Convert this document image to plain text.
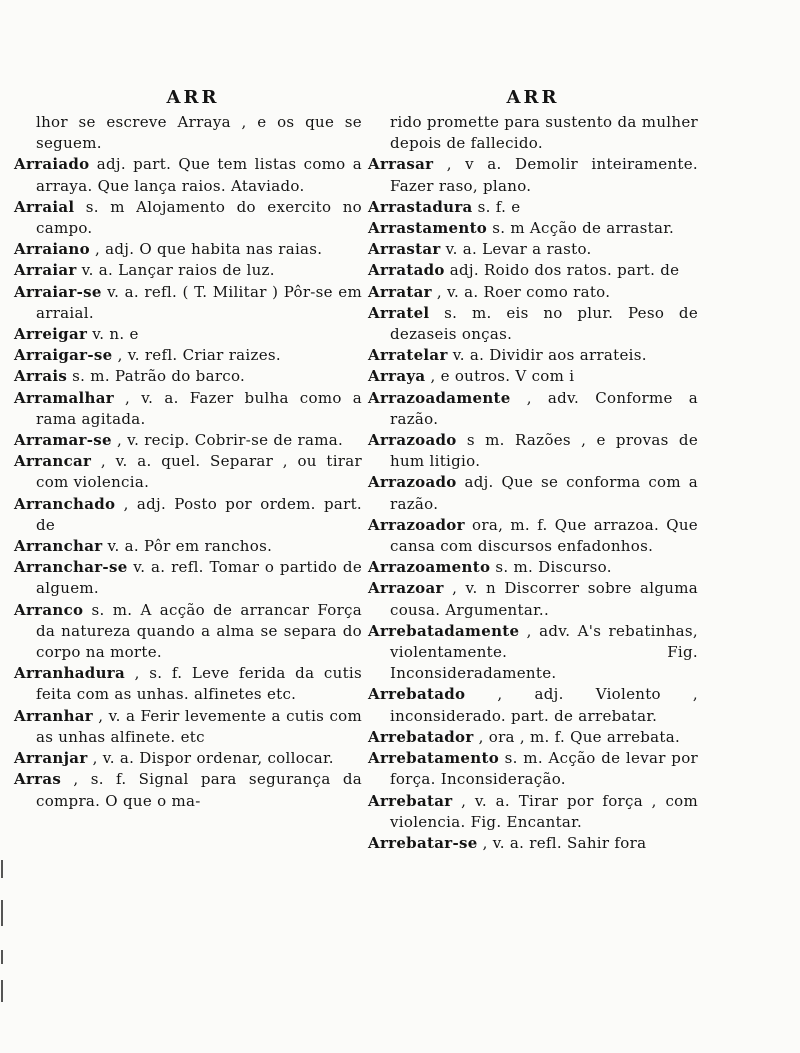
ARR

lhor se escreve Arraya , e os que se seguem.

Arraiado adj. part. Que tem listas como a arraya. Que lança raios. Ataviado.

Arraial s. m Alojamento do exercito no campo.

Arraiano , adj. O que habita nas raias.

Arraiar v. a. Lançar raios de luz.

Arraiar-se v. a. refl. ( T. Militar ) Pôr-se em arraial.

Arreigar v. n. e

Arraigar-se , v. refl. Criar raizes.

Arrais s. m. Patrão do barco.

Arramalhar , v. a. Fazer bulha como a rama agitada.

Arramar-se , v. recip. Cobrir-se de rama.

Arrancar , v. a. quel. Separar , ou tirar com violencia.

Arranchado , adj. Posto por ordem. part. de

Arranchar v. a. Pôr em ranchos.

Arranchar-se v. a. refl. Tomar o partido de alguem.

Arranco s. m. A acção de arrancar Força da natureza quando a alma se separa do corpo na morte.

Arranhadura , s. f. Leve ferida da cutis feita com as unhas. alfinetes etc.

Arranhar , v. a Ferir levemente a cutis com as unhas alfinete. etc

Arranjar , v. a. Dispor ordenar, collocar.

Arras , s. f. Signal para segurança da compra. O que o ma-

ARR

rido promette para sustento da mulher depois de fallecido.

Arrasar , v a. Demolir inteiramente. Fazer raso, plano.

Arrastadura s. f. e

Arrastamento s. m Acção de arrastar.

Arrastar v. a. Levar a rasto.

Arratado adj. Roido dos ratos. part. de

Arratar , v. a. Roer como rato.

Arratel s. m. eis no plur. Peso de dezaseis onças.

Arratelar v. a. Dividir aos arrateis.

Arraya , e outros. V com i

Arrazoadamente , adv. Conforme a razão.

Arrazoado s m. Razões , e provas de hum litigio.

Arrazoado adj. Que se conforma com a razão.

Arrazoador ora, m. f. Que arrazoa. Que cansa com discursos enfadonhos.

Arrazoamento s. m. Discurso.

Arrazoar , v. n Discorrer sobre alguma cousa. Argumentar..

Arrebatadamente , adv. A's rebatinhas, violentamente. Fig. Inconsideradamente.

Arrebatado , adj. Violento , inconsiderado. part. de arrebatar.

Arrebatador , ora , m. f. Que arrebata.

Arrebatamento s. m. Acção de levar por força. Inconsideração.

Arrebatar , v. a. Tirar por força , com violencia. Fig. Encantar.

Arrebatar-se , v. a. refl. Sahir fora
